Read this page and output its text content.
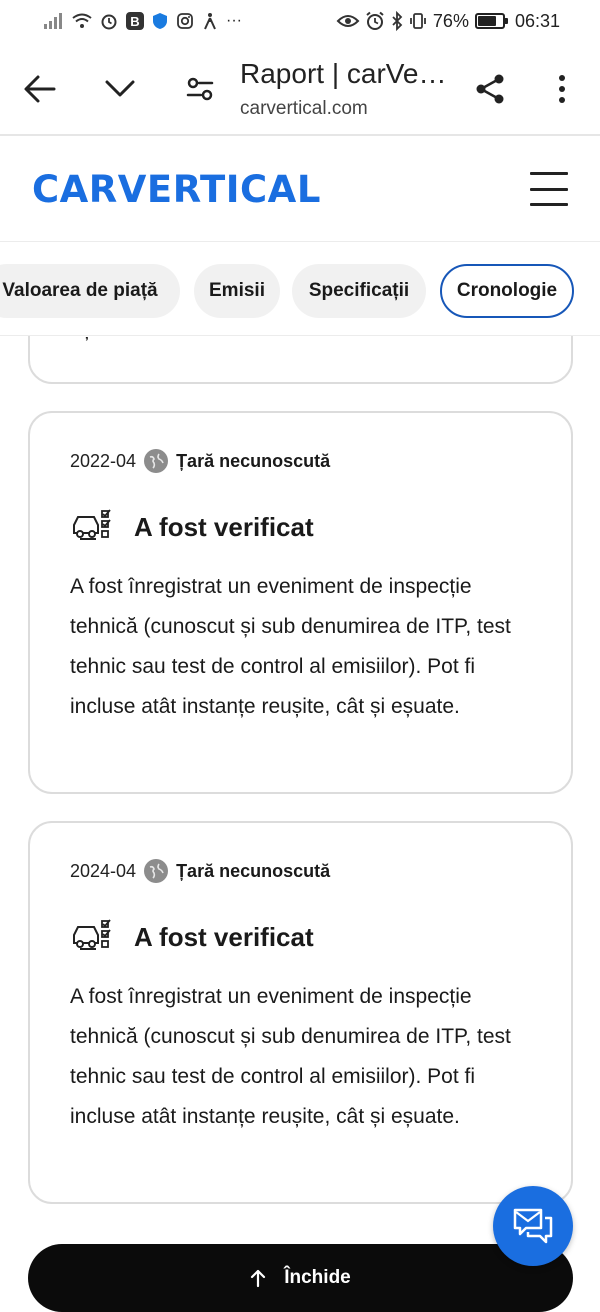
B	···	76%	06:31
Raport | carVe…
carvertical.com
CARVERTICAL
Valoarea de piață	Emisii	Specificații	Cronologie
2022-04 Țară necunoscută
A fost verificat
A fost înregistrat un eveniment de inspecție tehnică (cunoscut și sub denumirea de ITP, test tehnic sau test de control al emisiilor). Pot fi incluse atât instanțe reușite, cât și eșuate.
2024-04 Țară necunoscută
A fost verificat
A fost înregistrat un eveniment de inspecție tehnică (cunoscut și sub denumirea de ITP, test tehnic sau test de control al emisiilor). Pot fi incluse atât instanțe reușite, cât și eșuate.
Închide
